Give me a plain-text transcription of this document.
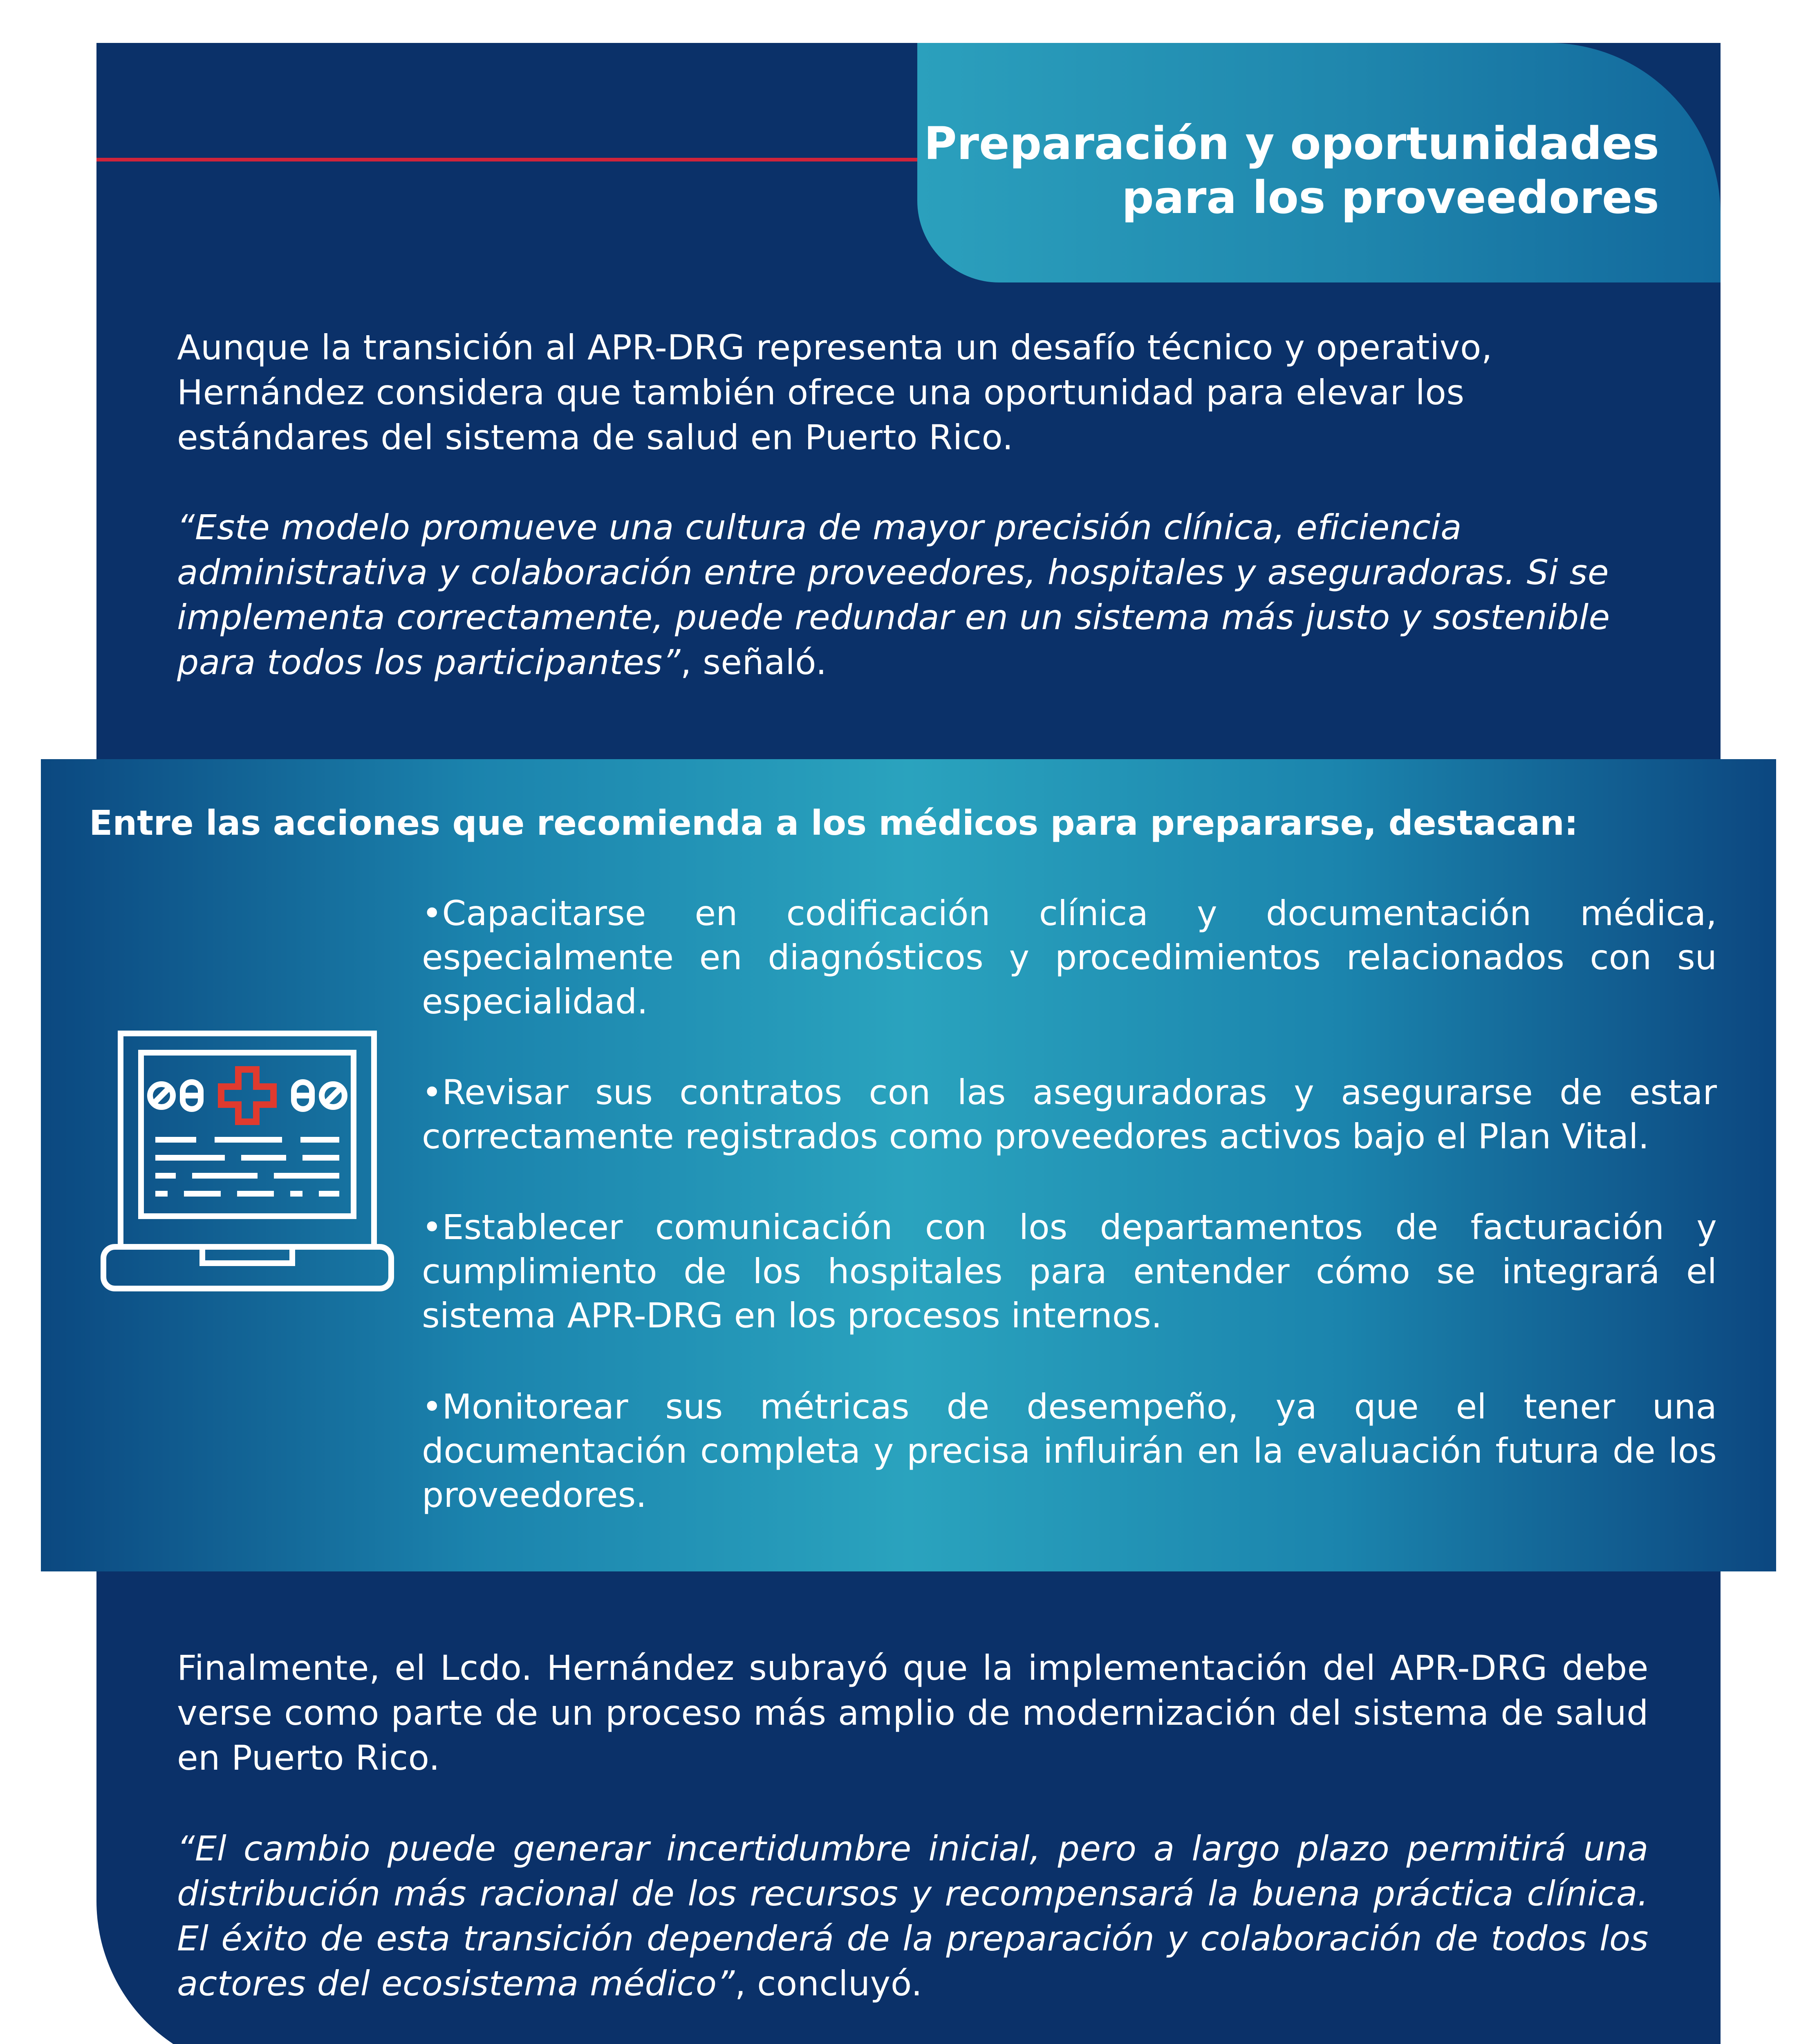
Preparación y oportunidades
para los proveedores

Aunque la transición al APR-DRG representa un desafío técnico y operativo, Hernández considera que también ofrece una oportunidad para elevar los estándares del sistema de salud en Puerto Rico.

“Este modelo promueve una cultura de mayor precisión clínica, eficiencia administrativa y colaboración entre proveedores, hospitales y aseguradoras. Si se implementa correctamente, puede redundar en un sistema más justo y sostenible para todos los participantes”, señaló.

Entre las acciones que recomienda a los médicos para prepararse, destacan:

•Capacitarse en codificación clínica y documentación médica, especialmente en diagnósticos y procedimientos relacionados con su especialidad.

•Revisar sus contratos con las aseguradoras y asegurarse de estar correctamente registrados como proveedores activos bajo el Plan Vital.

•Establecer comunicación con los departamentos de facturación y cumplimiento de los hospitales para entender cómo se integrará el sistema APR-DRG en los procesos internos.

•Monitorear sus métricas de desempeño, ya que el tener una documentación completa y precisa influirán en la evaluación futura de los proveedores.

Finalmente, el Lcdo. Hernández subrayó que la implementación del APR-DRG debe verse como parte de un proceso más amplio de modernización del sistema de salud en Puerto Rico.

“El cambio puede generar incertidumbre inicial, pero a largo plazo permitirá una distribución más racional de los recursos y recompensará la buena práctica clínica. El éxito de esta transición dependerá de la preparación y colaboración de todos los actores del ecosistema médico”, concluyó.
